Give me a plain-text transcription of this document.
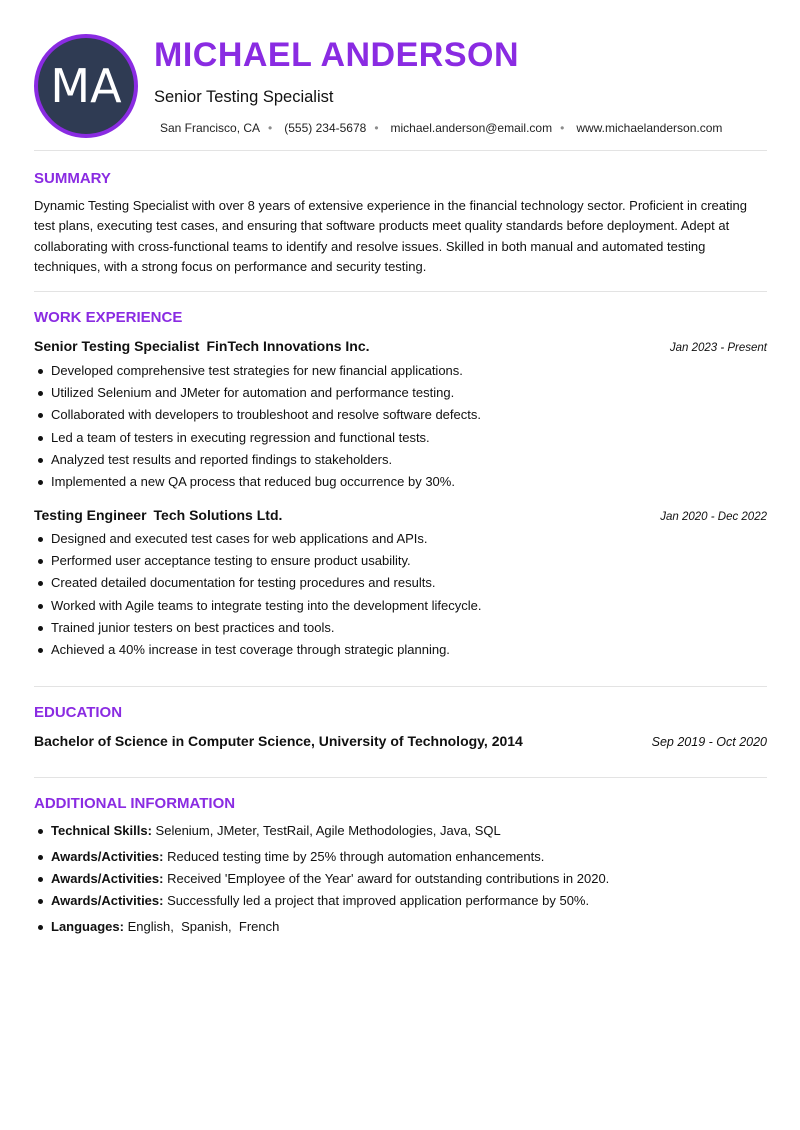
MA
MICHAEL ANDERSON
Senior Testing Specialist
San Francisco, CA • (555) 234-5678 • michael.anderson@email.com • www.michaelanderson.com
SUMMARY

Dynamic Testing Specialist with over 8 years of extensive experience in the financial technology sector. Proficient in creating test plans, executing test cases, and ensuring that software products meet quality standards before deployment. Adept at collaborating with cross-functional teams to identify and resolve issues. Skilled in both manual and automated testing techniques, with a strong focus on performance and security testing.

WORK EXPERIENCE
Senior Testing Specialist FinTech Innovations Inc.	Jan 2023 - Present
Developed comprehensive test strategies for new financial applications.
Utilized Selenium and JMeter for automation and performance testing.
Collaborated with developers to troubleshoot and resolve software defects.
Led a team of testers in executing regression and functional tests.
Analyzed test results and reported findings to stakeholders.
Implemented a new QA process that reduced bug occurrence by 30%.
Testing Engineer Tech Solutions Ltd.	Jan 2020 - Dec 2022
Designed and executed test cases for web applications and APIs.
Performed user acceptance testing to ensure product usability.
Created detailed documentation for testing procedures and results.
Worked with Agile teams to integrate testing into the development lifecycle.
Trained junior testers on best practices and tools.
Achieved a 40% increase in test coverage through strategic planning.
EDUCATION
Bachelor of Science in Computer Science, University of Technology, 2014	Sep 2019 - Oct 2020
ADDITIONAL INFORMATION
Technical Skills: Selenium, JMeter, TestRail, Agile Methodologies, Java, SQL
Awards/Activities: Reduced testing time by 25% through automation enhancements.
Awards/Activities: Received 'Employee of the Year' award for outstanding contributions in 2020.
Awards/Activities: Successfully led a project that improved application performance by 50%.
Languages: English,  Spanish,  French
